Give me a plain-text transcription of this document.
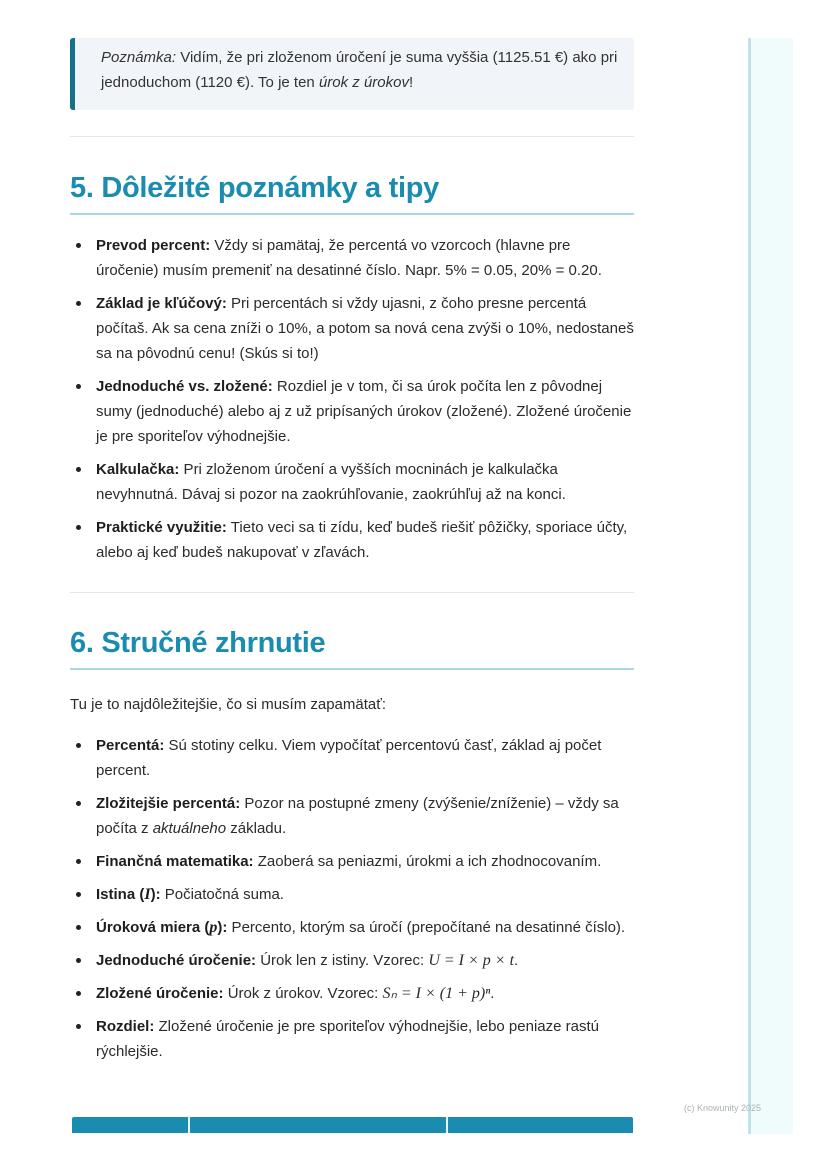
Poznámka: Vidím, že pri zloženom úročení je suma vyššia (1125.51 €) ako pri jednoduchom (1120 €). To je ten úrok z úrokov!
5. Dôležité poznámky a tipy
Prevod percent: Vždy si pamätaj, že percentá vo vzorcoch (hlavne pre úročenie) musím premeniť na desatinné číslo. Napr. 5% = 0.05, 20% = 0.20.
Základ je kľúčový: Pri percentách si vždy ujasni, z čoho presne percentá počítaš. Ak sa cena zníži o 10%, a potom sa nová cena zvýši o 10%, nedostaneš sa na pôvodnú cenu! (Skús si to!)
Jednoduché vs. zložené: Rozdiel je v tom, či sa úrok počíta len z pôvodnej sumy (jednoduché) alebo aj z už pripísaných úrokov (zložené). Zložené úročenie je pre sporiteľov výhodnejšie.
Kalkulačka: Pri zloženom úročení a vyšších mocninách je kalkulačka nevyhnutná. Dávaj si pozor na zaokrúhľovanie, zaokrúhľuj až na konci.
Praktické využitie: Tieto veci sa ti zídu, keď budeš riešiť pôžičky, sporiace účty, alebo aj keď budeš nakupovať v zľavách.
6. Stručné zhrnutie
Tu je to najdôležitejšie, čo si musím zapamätať:
Percentá: Sú stotiny celku. Viem vypočítať percentovú časť, základ aj počet percent.
Zložitejšie percentá: Pozor na postupné zmeny (zvýšenie/zníženie) – vždy sa počíta z aktuálneho základu.
Finančná matematika: Zaoberá sa peniazmi, úrokmi a ich zhodnocovaním.
Istina (I): Počiatočná suma.
Úroková miera (p): Percento, ktorým sa úročí (prepočítané na desatinné číslo).
Jednoduché úročenie: Úrok len z istiny. Vzorec: U = I × p × t.
Zložené úročenie: Úrok z úrokov. Vzorec: Sₙ = I × (1 + p)ⁿ.
Rozdiel: Zložené úročenie je pre sporiteľov výhodnejšie, lebo peniaze rastú rýchlejšie.
(c) Knowunity 2025
